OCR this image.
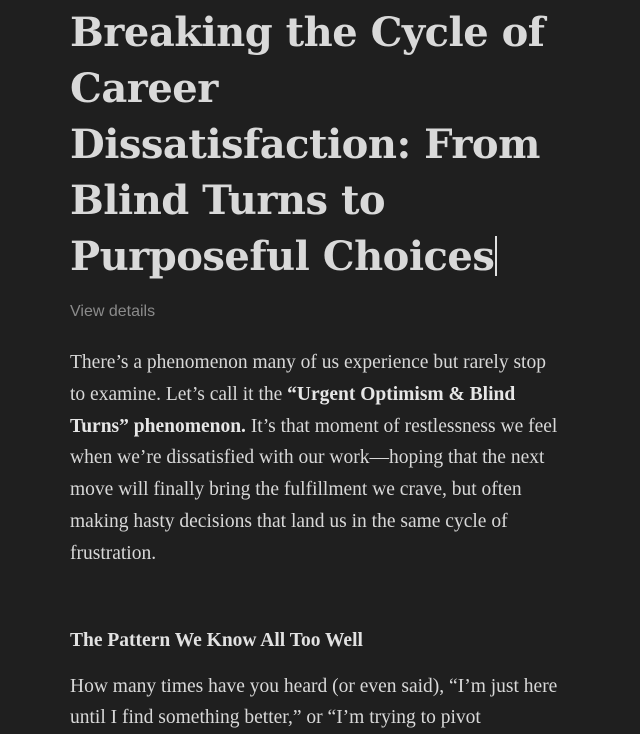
Breaking the Cycle of Career Dissatisfaction: From Blind Turns to Purposeful Choices
View details

There’s a phenomenon many of us experience but rarely stop to examine. Let’s call it the “Urgent Optimism & Blind Turns” phenomenon. It’s that moment of restlessness we feel when we’re dissatisfied with our work—hoping that the next move will finally bring the fulfillment we crave, but often making hasty decisions that land us in the same cycle of frustration.

The Pattern We Know All Too Well

How many times have you heard (or even said), “I’m just here until I find something better,” or “I’m trying to pivot
